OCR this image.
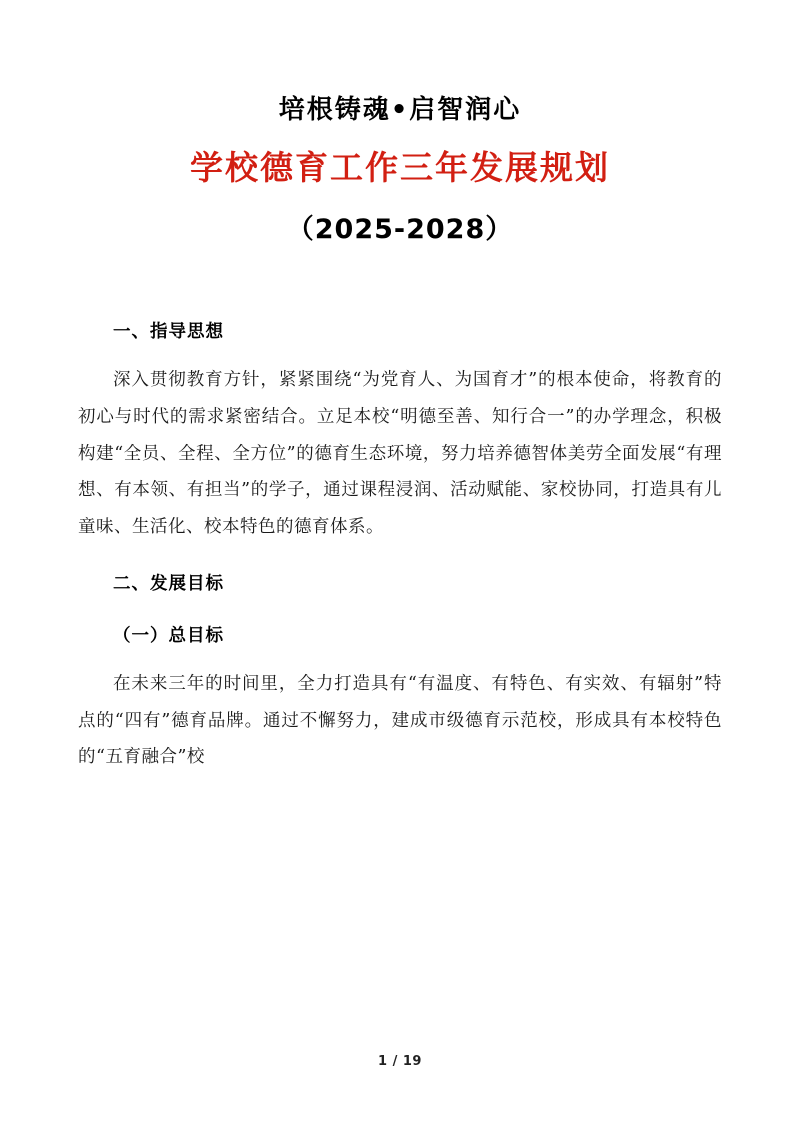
培根铸魂•启智润心
学校德育工作三年发展规划
（2025-2028）
一、指导思想

深入贯彻教育方针，紧紧围绕“为党育人、为国育才”的根本使命，将教育的初心与时代的需求紧密结合。立足本校“明德至善、知行合一”的办学理念，积极构建“全员、全程、全方位”的德育生态环境，努力培养德智体美劳全面发展“有理想、有本领、有担当”的学子，通过课程浸润、活动赋能、家校协同，打造具有儿童味、生活化、校本特色的德育体系。

二、发展目标
（一）总目标

在未来三年的时间里，全力打造具有“有温度、有特色、有实效、有辐射”特点的“四有”德育品牌。通过不懈努力，建成市级德育示范校，形成具有本校特色的“五育融合”校

1 / 19
